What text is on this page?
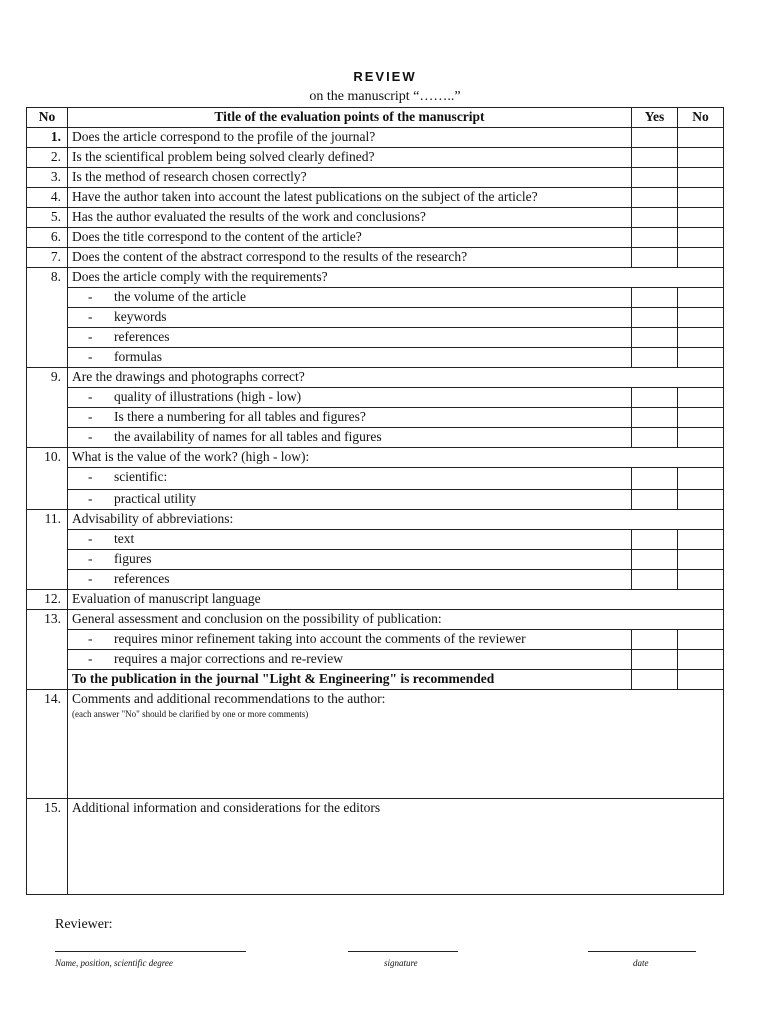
REVIEW
on the manuscript “……..”
No	Title of the evaluation points of the manuscript	Yes	No
1.	Does the article correspond to the profile of the journal?		
2.	Is the scientifical problem being solved clearly defined?		
3.	Is the method of research chosen correctly?		
4.	Have the author taken into account the latest publications on the subject of the article?		
5.	Has the author evaluated the results of the work and conclusions?		
6.	Does the title correspond to the content of the article?		
7.	Does the content of the abstract correspond to the results of the research?		
8.	Does the article comply with the requirements?		
	- the volume of the article		
	- keywords		
	- references		
	- formulas		
9.	Are the drawings and photographs correct?		
	- quality of illustrations (high - low)		
	- Is there a numbering for all tables and figures?		
	- the availability of names for all tables and figures		
10.	What is the value of the work? (high - low):		
	- scientific:		
	- practical utility		
11.	Advisability of abbreviations:		
	- text		
	- figures		
	- references		
12.	Evaluation of manuscript language		
13.	General assessment and conclusion on the possibility of publication:		
	- requires minor refinement taking into account the comments of the reviewer		
	- requires a major corrections and re-review		
	To the publication in the journal "Light & Engineering" is recommended		
14.	Comments and additional recommendations to the author:
(each answer "No" should be clarified by one or more comments)		

15.	Additional information and considerations for the editors		
Reviewer:
Name, position, scientific degree	signature	date
